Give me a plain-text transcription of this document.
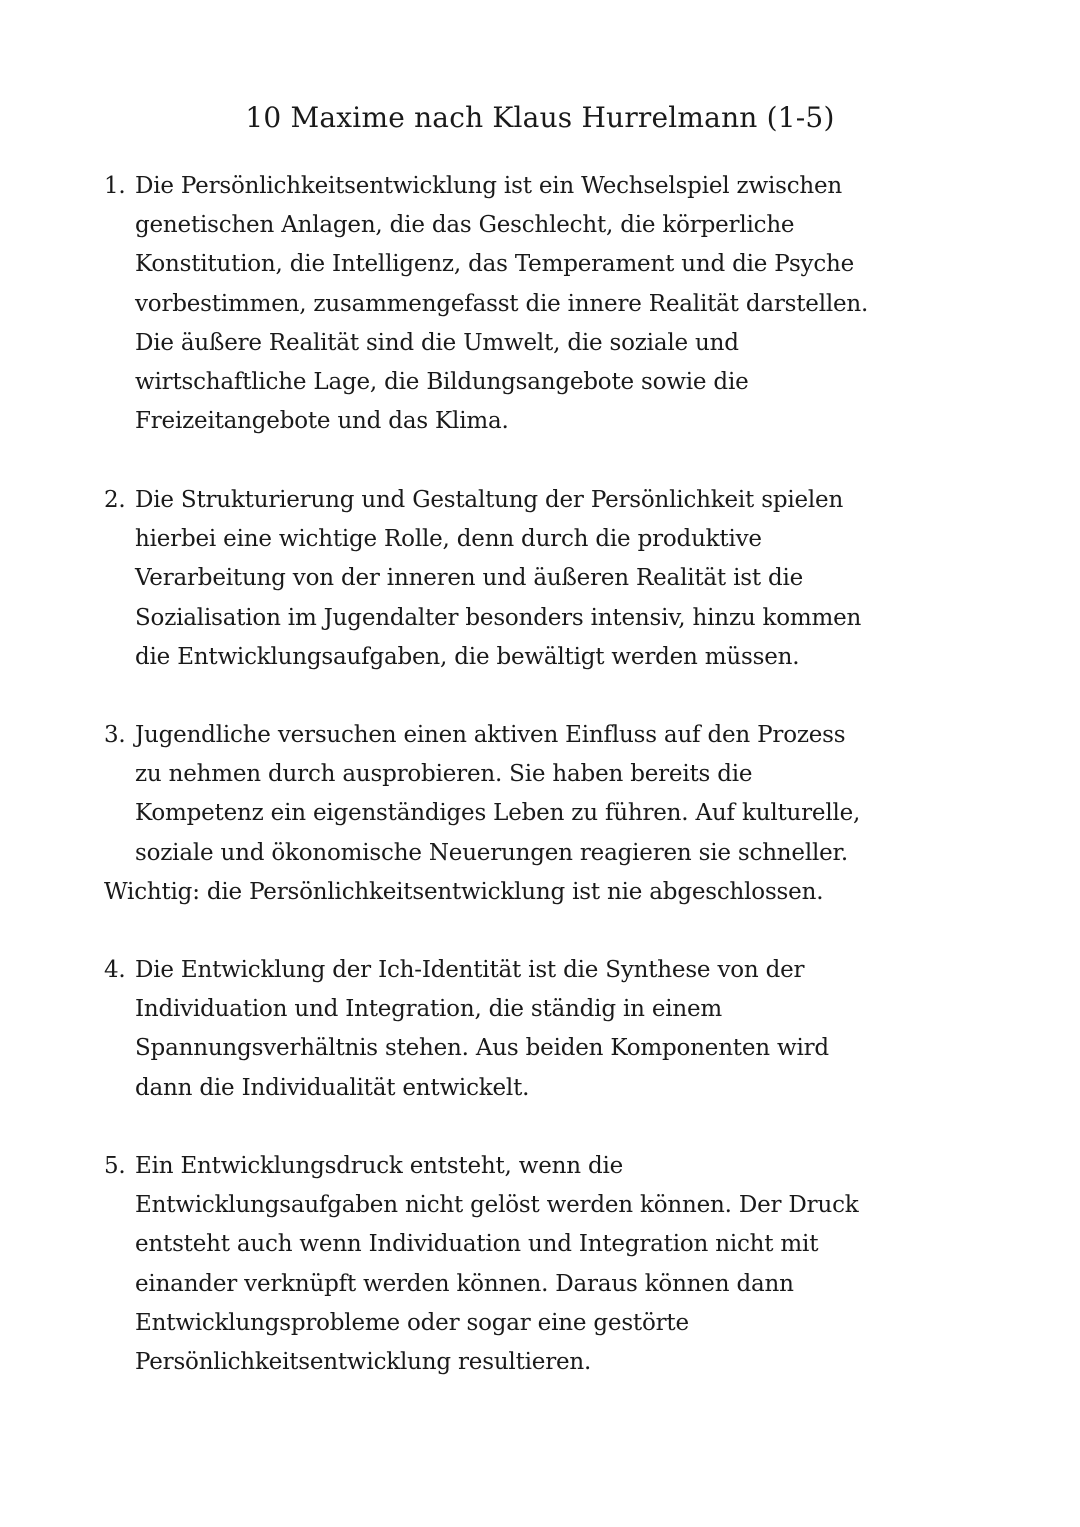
10 Maxime nach Klaus Hurrelmann (1-5)
1. Die Persönlichkeitsentwicklung ist ein Wechselspiel zwischen
genetischen Anlagen, die das Geschlecht, die körperliche
Konstitution, die Intelligenz, das Temperament und die Psyche
vorbestimmen, zusammengefasst die innere Realität darstellen.
Die äußere Realität sind die Umwelt, die soziale und
wirtschaftliche Lage, die Bildungsangebote sowie die
Freizeitangebote und das Klima.
2. Die Strukturierung und Gestaltung der Persönlichkeit spielen
hierbei eine wichtige Rolle, denn durch die produktive
Verarbeitung von der inneren und äußeren Realität ist die
Sozialisation im Jugendalter besonders intensiv, hinzu kommen
die Entwicklungsaufgaben, die bewältigt werden müssen.
3. Jugendliche versuchen einen aktiven Einfluss auf den Prozess
zu nehmen durch ausprobieren. Sie haben bereits die
Kompetenz ein eigenständiges Leben zu führen. Auf kulturelle,
soziale und ökonomische Neuerungen reagieren sie schneller.
Wichtig: die Persönlichkeitsentwicklung ist nie abgeschlossen.
4. Die Entwicklung der Ich-Identität ist die Synthese von der
Individuation und Integration, die ständig in einem
Spannungsverhältnis stehen. Aus beiden Komponenten wird
dann die Individualität entwickelt.
5. Ein Entwicklungsdruck entsteht, wenn die
Entwicklungsaufgaben nicht gelöst werden können. Der Druck
entsteht auch wenn Individuation und Integration nicht mit
einander verknüpft werden können. Daraus können dann
Entwicklungsprobleme oder sogar eine gestörte
Persönlichkeitsentwicklung resultieren.
